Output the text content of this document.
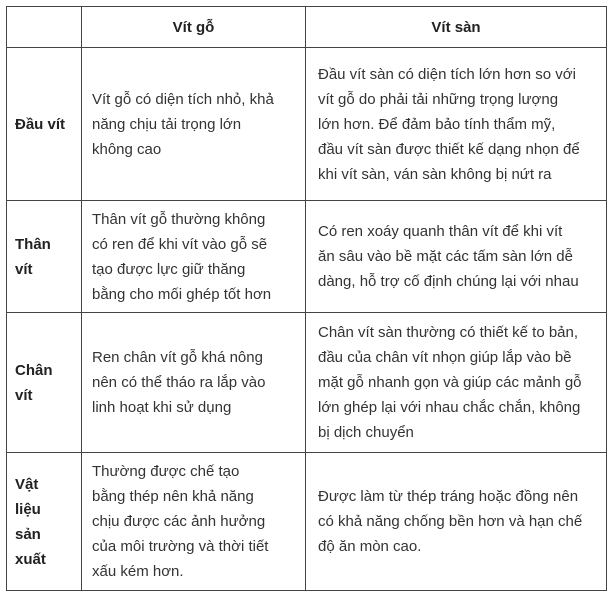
	Vít gỗ	Vít sàn

Đầu vít	Vít gỗ có diện tích nhỏ, khả
năng chịu tải trọng lớn
không cao	Đầu vít sàn có diện tích lớn hơn so với
vít gỗ do phải tải những trọng lượng
lớn hơn. Để đảm bảo tính thẩm mỹ,
đầu vít sàn được thiết kế dạng nhọn để
khi vít sàn, ván sàn không bị nứt ra

Thân
vít	Thân vít gỗ thường không
có ren để khi vít vào gỗ sẽ
tạo được lực giữ thăng
bằng cho mối ghép tốt hơn	Có ren xoáy quanh thân vít để khi vít
ăn sâu vào bề mặt các tấm sàn lớn dễ
dàng, hỗ trợ cố định chúng lại với nhau

Chân
vít	Ren chân vít gỗ khá nông
nên có thể tháo ra lắp vào
linh hoạt khi sử dụng	Chân vít sàn thường có thiết kế to bản,
đầu của chân vít nhọn giúp lắp vào bề
mặt gỗ nhanh gọn và giúp các mảnh gỗ
lớn ghép lại với nhau chắc chắn, không
bị dịch chuyển

Vật
liệu
sản
xuất	Thường được chế tạo
bằng thép nên khả năng
chịu được các ảnh hưởng
của môi trường và thời tiết
xấu kém hơn.	Được làm từ thép tráng hoặc đồng nên
có khả năng chống bền hơn và hạn chế
độ ăn mòn cao.
